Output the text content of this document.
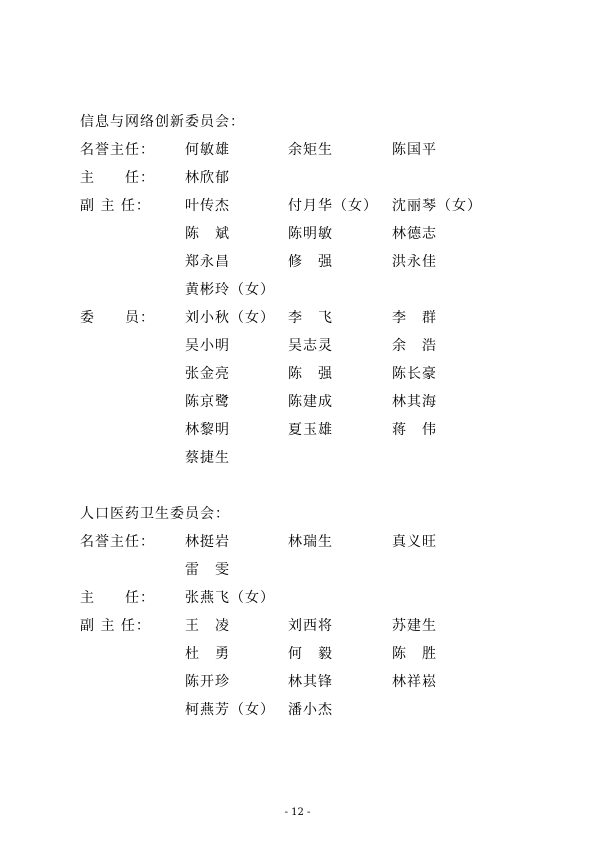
信息与网络创新委员会：
名誉主任： 何敏雄	余矩生	陈国平
主　　任： 林欣郁
副 主 任： 叶传杰	付月华（女） 沈丽琴（女）
陈　斌	陈明敏	林德志
郑永昌	修　强	洪永佳
黄彬玲（女）
委　　员： 刘小秋（女） 李　飞	李　群
吴小明	吴志灵	余　浩
张金亮	陈　强	陈长豪
陈京鹭	陈建成	林其海
林黎明	夏玉雄	蒋　伟
蔡捷生
人口医药卫生委员会：
名誉主任： 林挺岩	林瑞生	真义旺
雷　雯
主　　任： 张燕飞（女）
副 主 任： 王　凌	刘西将	苏建生
杜　勇	何　毅	陈　胜
陈开珍	林其锋	林祥崧
柯燕芳（女） 潘小杰
- 12 -
